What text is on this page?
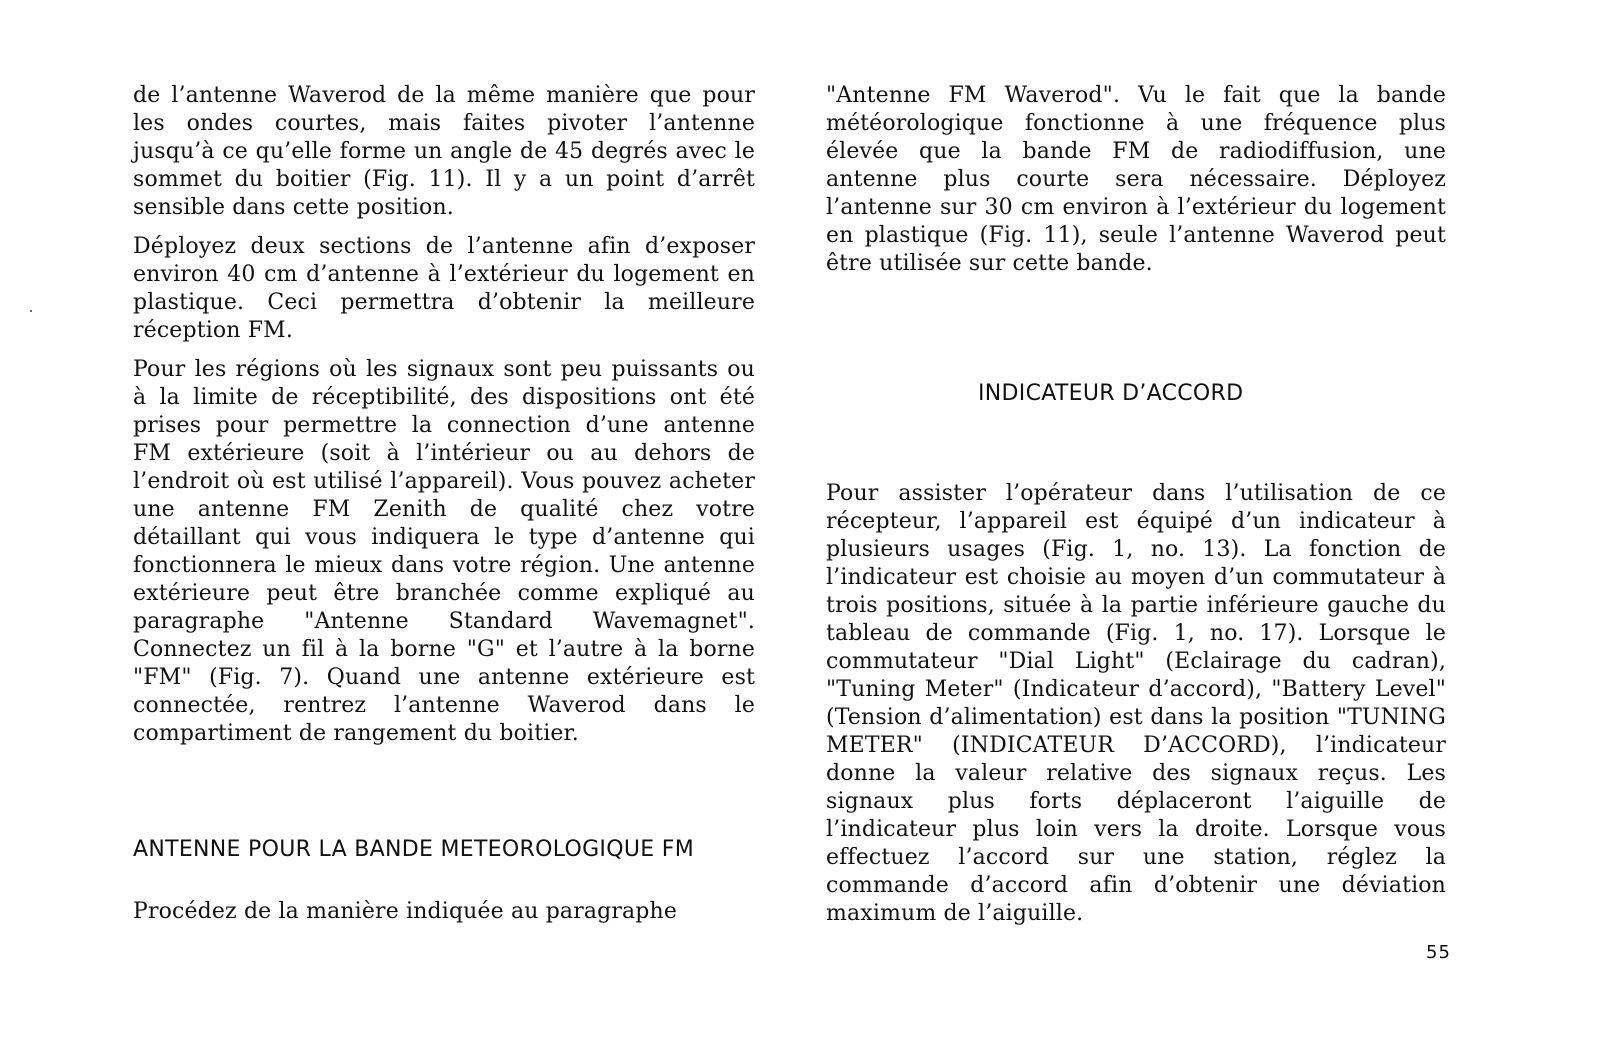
de l’antenne Waverod de la même manière que pour les ondes courtes, mais faites pivoter l’antenne jusqu’à ce qu’elle forme un angle de 45 degrés avec le sommet du boitier (Fig. 11). Il y a un point d’arrêt sensible dans cette position.

Déployez deux sections de l’antenne afin d’exposer environ 40 cm d’antenne à l’extérieur du logement en plastique. Ceci permettra d’obtenir la meilleure réception FM.

Pour les régions où les signaux sont peu puissants ou à la limite de réceptibilité, des dispositions ont été prises pour permettre la connection d’une antenne FM extérieure (soit à l’intérieur ou au dehors de l’endroit où est utilisé l’appareil). Vous pouvez acheter une antenne FM Zenith de qualité chez votre détaillant qui vous indiquera le type d’antenne qui fonctionnera le mieux dans votre région. Une antenne extérieure peut être branchée comme expliqué au paragraphe "Antenne Standard Wavemagnet". Connectez un fil à la borne "G" et l’autre à la borne "FM" (Fig. 7). Quand une antenne extérieure est connectée, rentrez l’antenne Waverod dans le compartiment de rangement du boitier.

ANTENNE POUR LA BANDE METEOROLOGIQUE FM

Procédez de la manière indiquée au paragraphe

"Antenne FM Waverod". Vu le fait que la bande météorologique fonctionne à une fréquence plus élevée que la bande FM de radiodiffusion, une antenne plus courte sera nécessaire. Déployez l’antenne sur 30 cm environ à l’extérieur du logement en plastique (Fig. 11), seule l’antenne Waverod peut être utilisée sur cette bande.

INDICATEUR D’ACCORD

Pour assister l’opérateur dans l’utilisation de ce récepteur, l’appareil est équipé d’un indicateur à plusieurs usages (Fig. 1, no. 13). La fonction de l’indicateur est choisie au moyen d’un commutateur à trois positions, située à la partie inférieure gauche du tableau de commande (Fig. 1, no. 17). Lorsque le commutateur "Dial Light" (Eclairage du cadran), "Tuning Meter" (Indicateur d’accord), "Battery Level" (Tension d’alimentation) est dans la position "TUNING METER" (INDICATEUR D’ACCORD), l’indicateur donne la valeur relative des signaux reçus. Les signaux plus forts déplaceront l’aiguille de l’indicateur plus loin vers la droite. Lorsque vous effectuez l’accord sur une station, réglez la commande d’accord afin d’obtenir une déviation maximum de l’aiguille.

55
